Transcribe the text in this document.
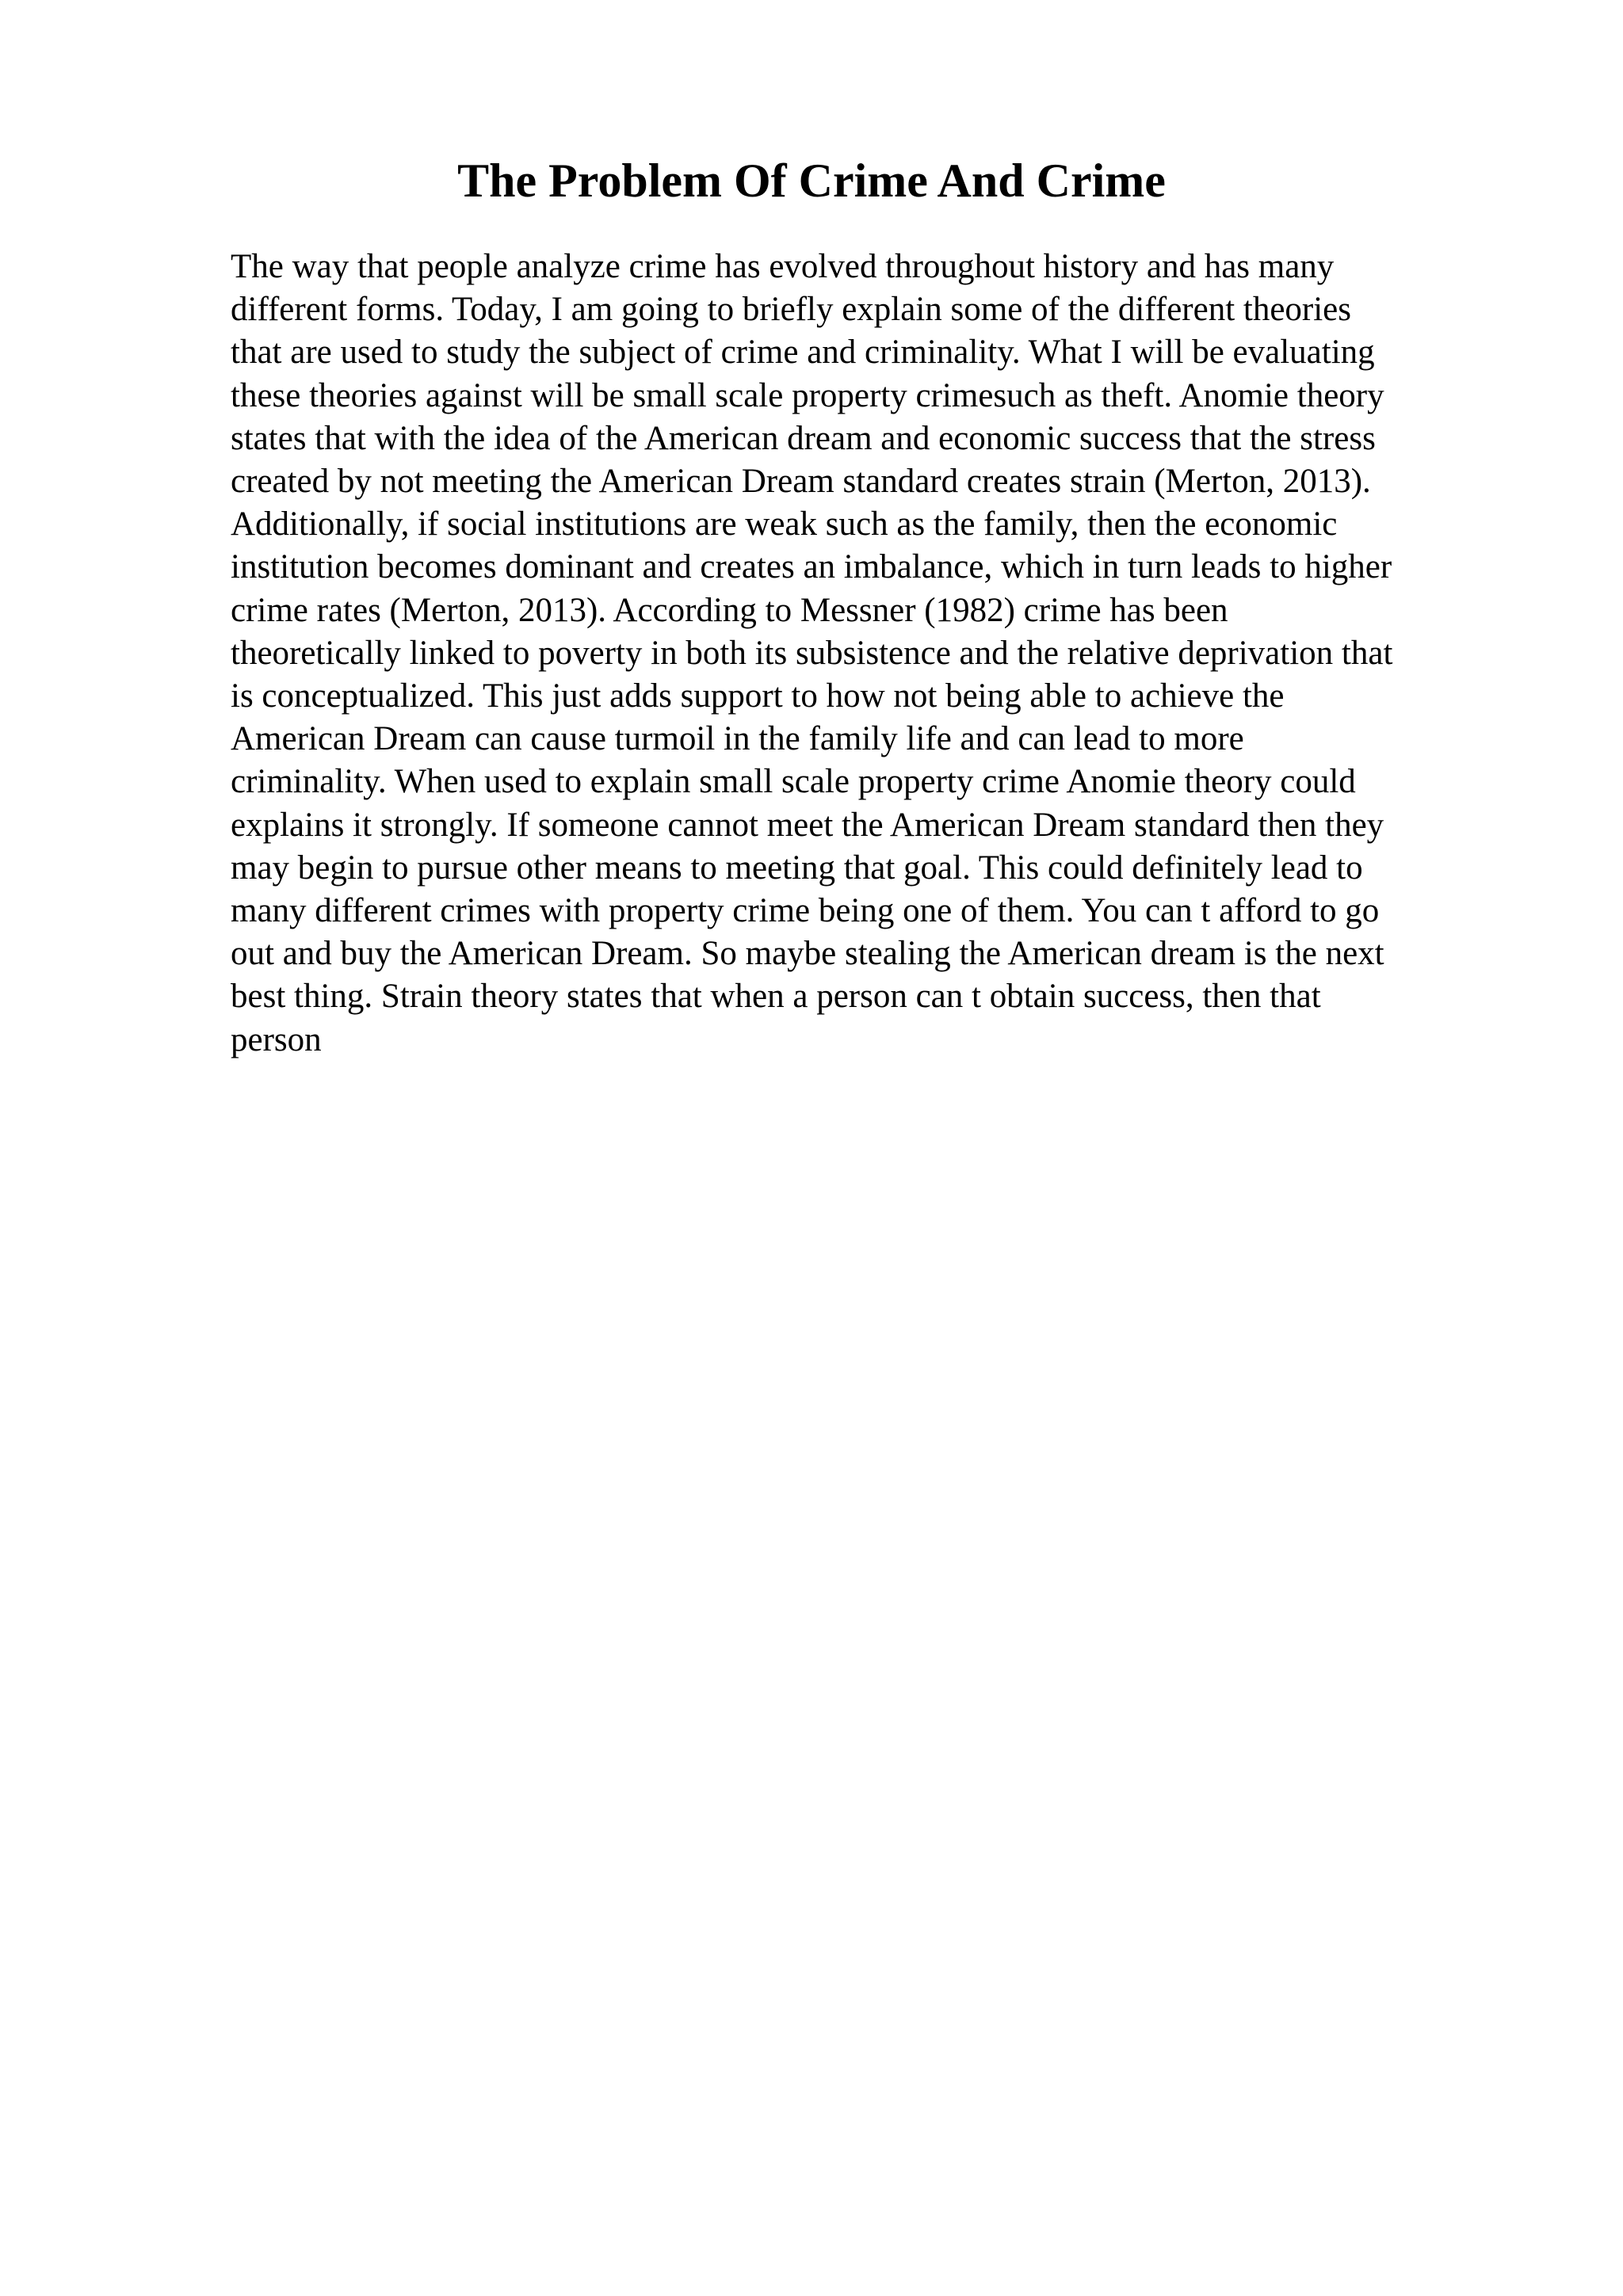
The Problem Of Crime And Crime
The way that people analyze crime has evolved throughout history and has many
different forms. Today, I am going to briefly explain some of the different theories
that are used to study the subject of crime and criminality. What I will be evaluating
these theories against will be small scale property crimesuch as theft. Anomie theory
states that with the idea of the American dream and economic success that the stress
created by not meeting the American Dream standard creates strain (Merton, 2013).
Additionally, if social institutions are weak such as the family, then the economic
institution becomes dominant and creates an imbalance, which in turn leads to higher
crime rates (Merton, 2013). According to Messner (1982) crime has been
theoretically linked to poverty in both its subsistence and the relative deprivation that
is conceptualized. This just adds support to how not being able to achieve the
American Dream can cause turmoil in the family life and can lead to more
criminality. When used to explain small scale property crime Anomie theory could
explains it strongly. If someone cannot meet the American Dream standard then they
may begin to pursue other means to meeting that goal. This could definitely lead to
many different crimes with property crime being one of them. You can t afford to go
out and buy the American Dream. So maybe stealing the American dream is the next
best thing. Strain theory states that when a person can t obtain success, then that
person
